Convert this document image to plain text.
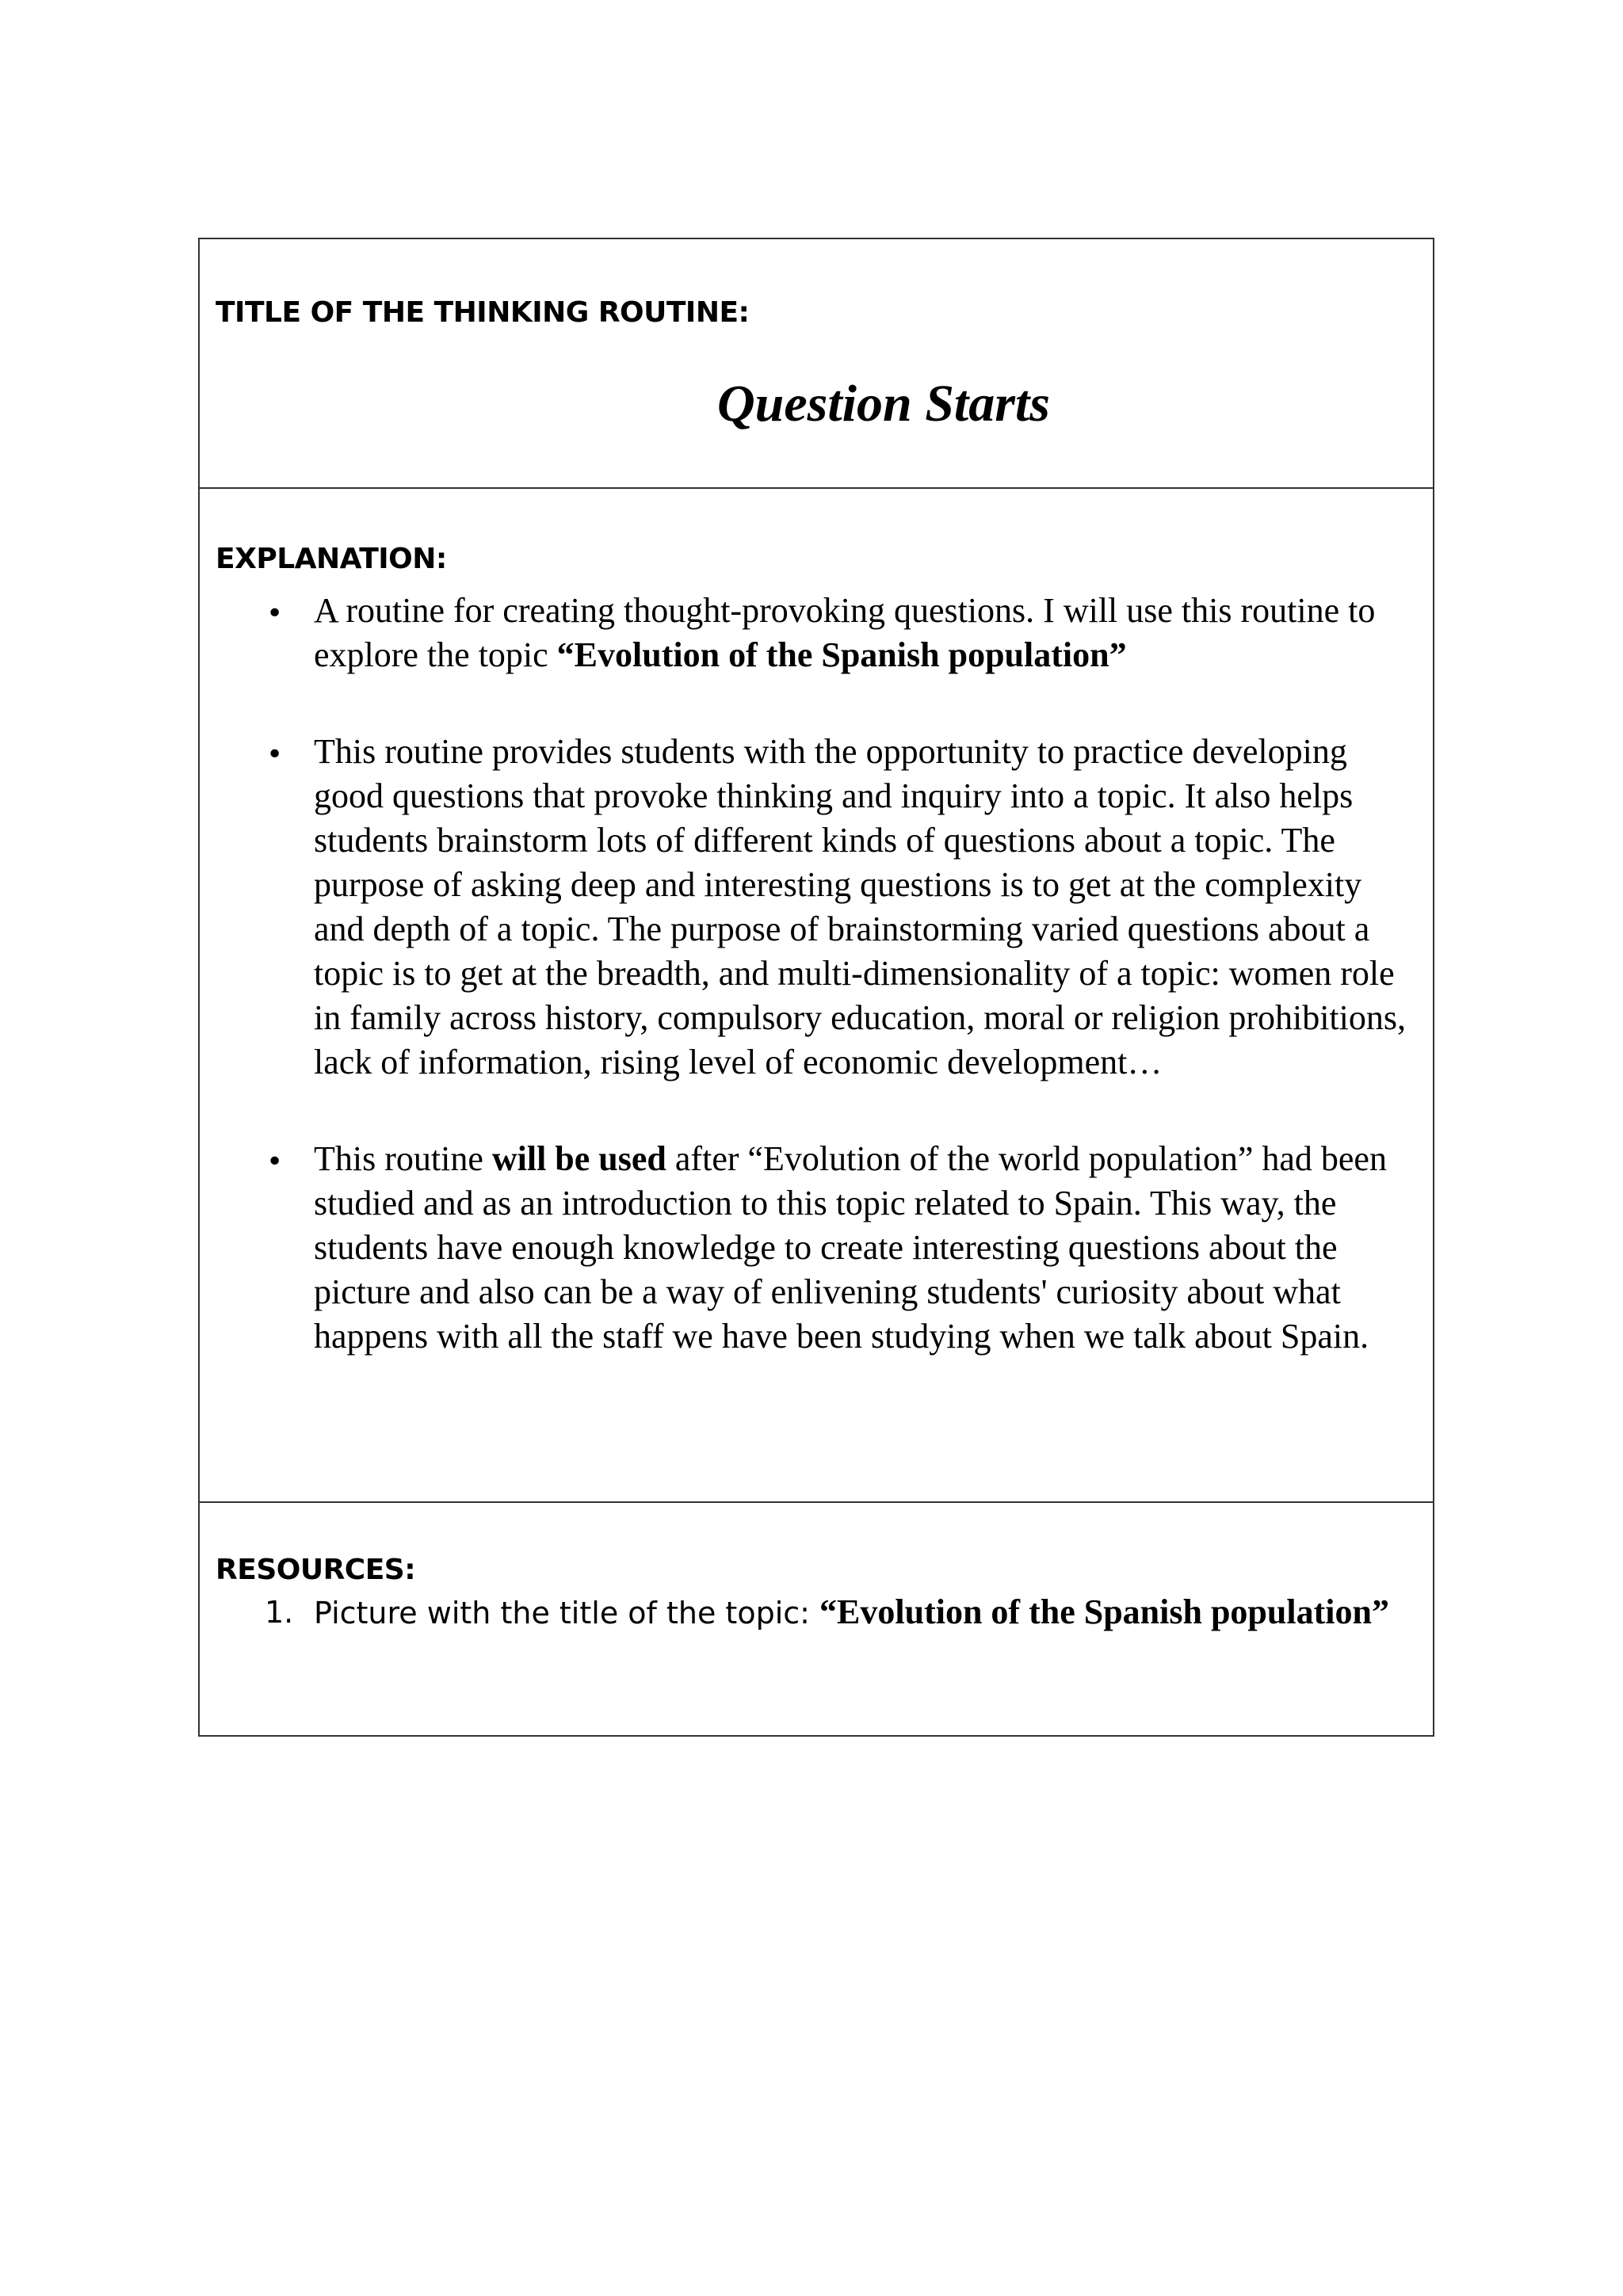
TITLE OF THE THINKING ROUTINE:
Question Starts
EXPLANATION:
• A routine for creating thought-provoking questions. I will use this routine to explore the topic “Evolution of the Spanish population”
• This routine provides students with the opportunity to practice developing good questions that provoke thinking and inquiry into a topic. It also helps students brainstorm lots of different kinds of questions about a topic. The purpose of asking deep and interesting questions is to get at the complexity and depth of a topic. The purpose of brainstorming varied questions about a topic is to get at the breadth, and multi-dimensionality of a topic: women role in family across history, compulsory education, moral or religion prohibitions, lack of information, rising level of economic development…
• This routine will be used after “Evolution of the world population” had been studied and as an introduction to this topic related to Spain. This way, the students have enough knowledge to create interesting questions about the picture and also can be a way of enlivening students' curiosity about what happens with all the staff we have been studying when we talk about Spain.
RESOURCES:
1. Picture with the title of the topic: “Evolution of the Spanish population”
